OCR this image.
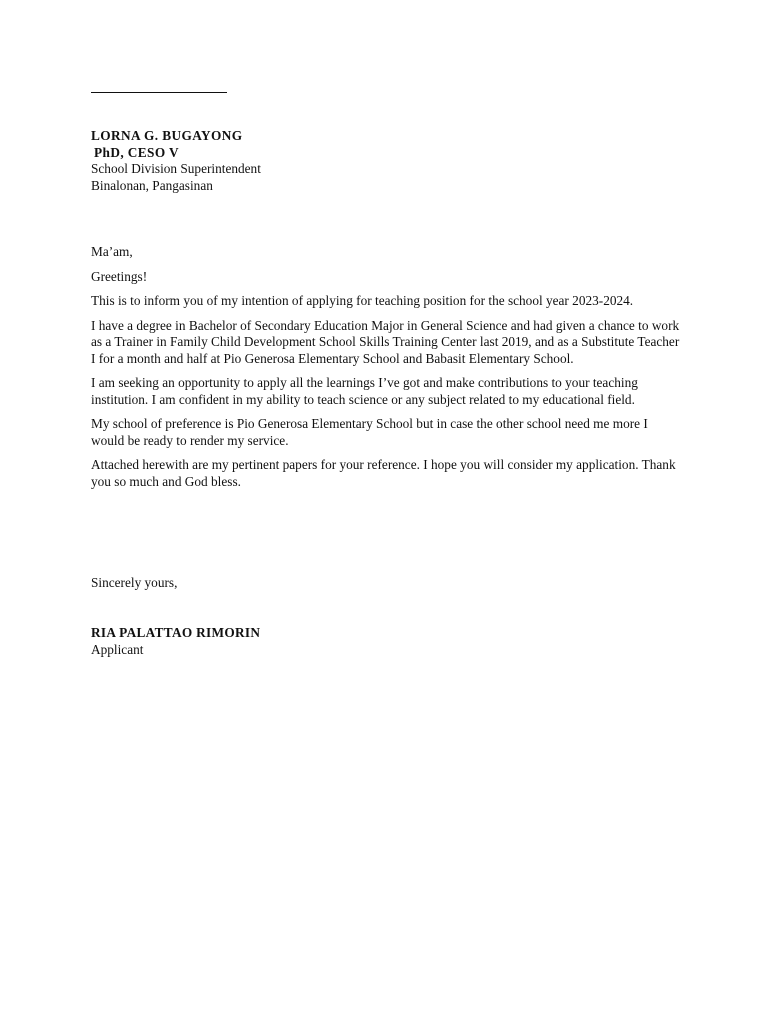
LORNA G. BUGAYONG
PhD, CESO V
School Division Superintendent
Binalonan, Pangasinan

Ma’am,

Greetings!

This is to inform you of my intention of applying for teaching position for the school year 2023-2024.

I have a degree in Bachelor of Secondary Education Major in General Science and had given a chance to work as a Trainer in Family Child Development School Skills Training Center last 2019, and as a Substitute Teacher I for a month and half at Pio Generosa Elementary School and Babasit Elementary School.

I am seeking an opportunity to apply all the learnings I’ve got and make contributions to your teaching institution. I am confident in my ability to teach science or any subject related to my educational field.

My school of preference is Pio Generosa Elementary School but in case the other school need me more I would be ready to render my service.

Attached herewith are my pertinent papers for your reference. I hope you will consider my application. Thank you so much and God bless.

Sincerely yours,
RIA PALATTAO RIMORIN
Applicant
